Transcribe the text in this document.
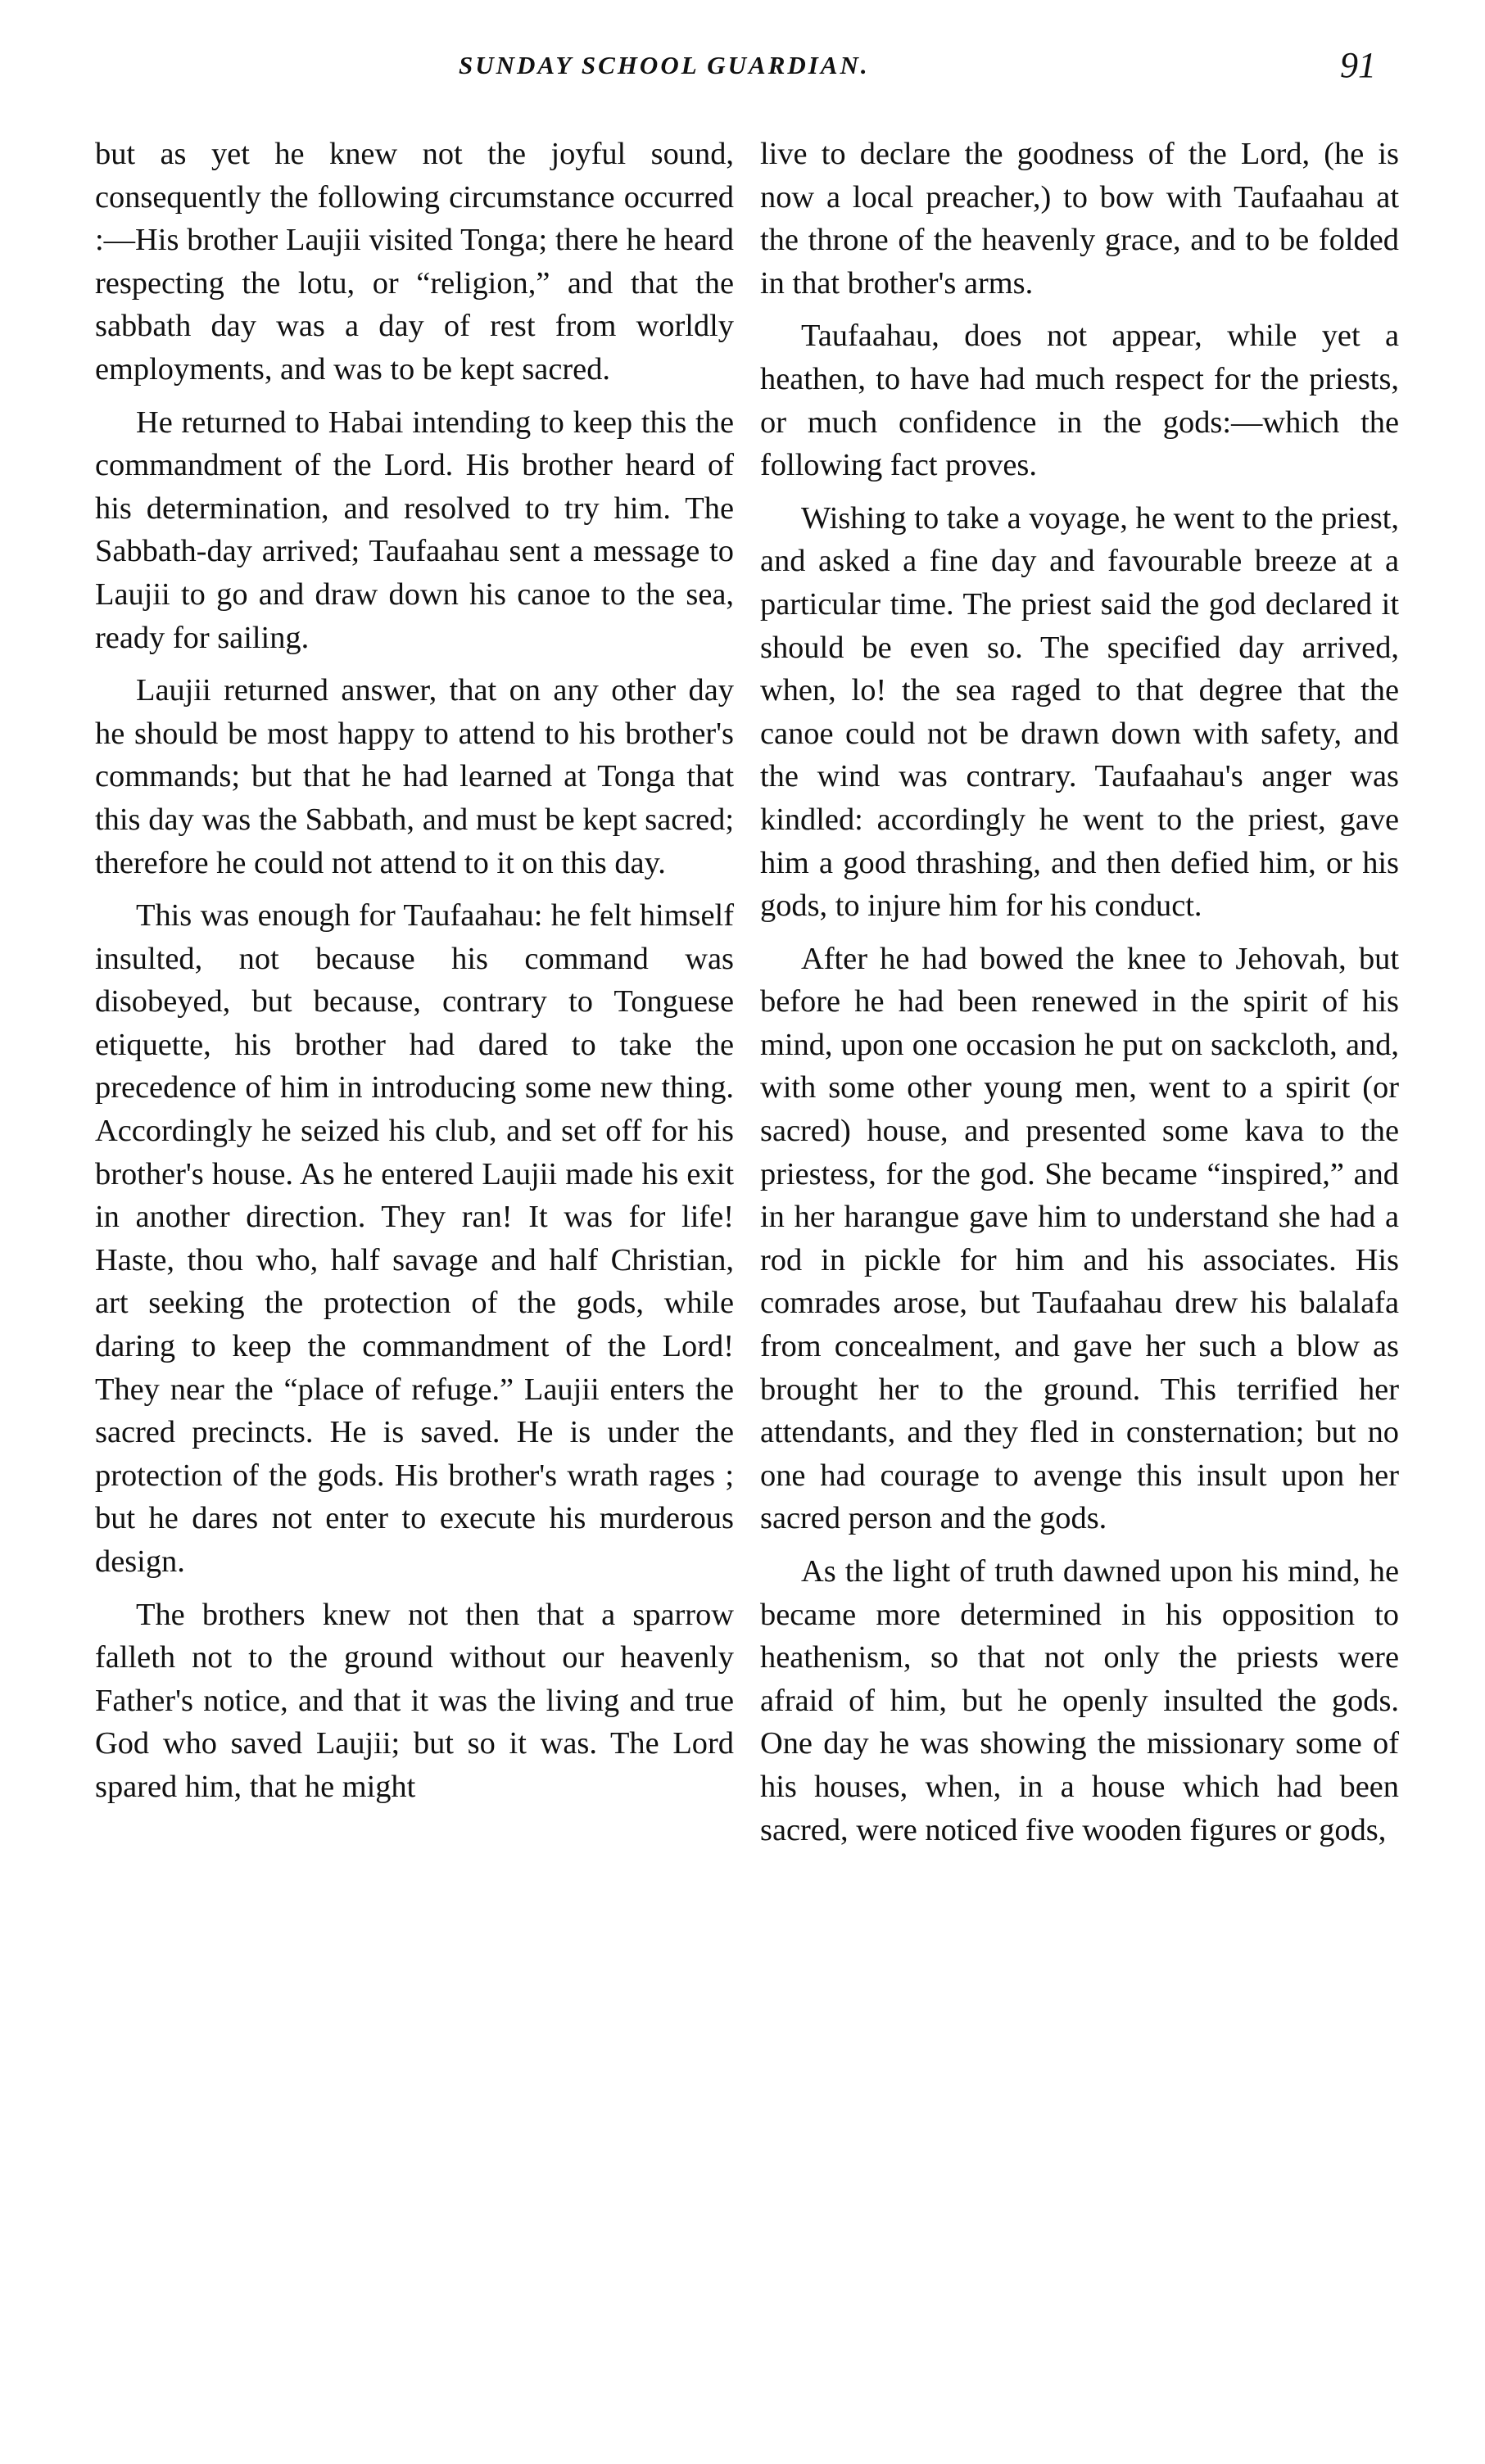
SUNDAY SCHOOL GUARDIAN.	91

but as yet he knew not the joyful sound, consequently the following circumstance occurred :—His brother Laujii visited Tonga; there he heard respecting the lotu, or “religion,” and that the sabbath day was a day of rest from worldly employments, and was to be kept sacred.

He returned to Habai intending to keep this the commandment of the Lord. His brother heard of his determination, and resolved to try him. The Sabbath-day arrived; Taufaahau sent a message to Laujii to go and draw down his canoe to the sea, ready for sailing.

Laujii returned answer, that on any other day he should be most happy to attend to his brother's commands; but that he had learned at Tonga that this day was the Sabbath, and must be kept sacred; therefore he could not attend to it on this day.

This was enough for Taufaahau: he felt himself insulted, not because his command was disobeyed, but because, contrary to Tonguese etiquette, his brother had dared to take the precedence of him in introducing some new thing. Accordingly he seized his club, and set off for his brother's house. As he entered Laujii made his exit in another direction. They ran! It was for life! Haste, thou who, half savage and half Christian, art seeking the protection of the gods, while daring to keep the commandment of the Lord! They near the “place of refuge.” Laujii enters the sacred precincts. He is saved. He is under the protection of the gods. His brother's wrath rages ; but he dares not enter to execute his murderous design.

The brothers knew not then that a sparrow falleth not to the ground without our heavenly Father's notice, and that it was the living and true God who saved Laujii; but so it was. The Lord spared him, that he might

live to declare the goodness of the Lord, (he is now a local preacher,) to bow with Taufaahau at the throne of the heavenly grace, and to be folded in that brother's arms.

Taufaahau, does not appear, while yet a heathen, to have had much respect for the priests, or much confidence in the gods:—which the following fact proves.

Wishing to take a voyage, he went to the priest, and asked a fine day and favourable breeze at a particular time. The priest said the god declared it should be even so. The specified day arrived, when, lo! the sea raged to that degree that the canoe could not be drawn down with safety, and the wind was contrary. Taufaahau's anger was kindled: accordingly he went to the priest, gave him a good thrashing, and then defied him, or his gods, to injure him for his conduct.

After he had bowed the knee to Jehovah, but before he had been renewed in the spirit of his mind, upon one occasion he put on sackcloth, and, with some other young men, went to a spirit (or sacred) house, and presented some kava to the priestess, for the god. She became “inspired,” and in her harangue gave him to understand she had a rod in pickle for him and his associates. His comrades arose, but Taufaahau drew his balalafa from concealment, and gave her such a blow as brought her to the ground. This terrified her attendants, and they fled in consternation; but no one had courage to avenge this insult upon her sacred person and the gods.

As the light of truth dawned upon his mind, he became more determined in his opposition to heathenism, so that not only the priests were afraid of him, but he openly insulted the gods. One day he was showing the missionary some of his houses, when, in a house which had been sacred, were noticed five wooden figures or gods,
